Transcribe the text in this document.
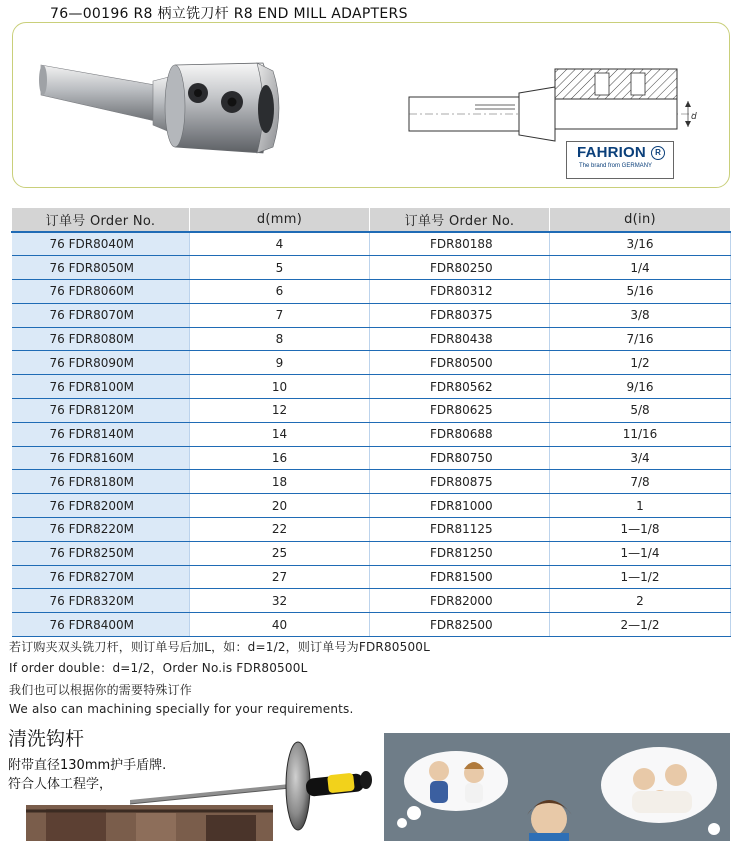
76—00196 R8 柄立铣刀杆 R8 END MILL ADAPTERS
d
FAHRION	R
The brand from GERMANY
订单号 Order No.	d(mm)	订单号 Order No.	d(in)
76 FDR8040M	4	FDR80188	3/16
76 FDR8050M	5	FDR80250	1/4
76 FDR8060M	6	FDR80312	5/16
76 FDR8070M	7	FDR80375	3/8
76 FDR8080M	8	FDR80438	7/16
76 FDR8090M	9	FDR80500	1/2
76 FDR8100M	10	FDR80562	9/16
76 FDR8120M	12	FDR80625	5/8
76 FDR8140M	14	FDR80688	11/16
76 FDR8160M	16	FDR80750	3/4
76 FDR8180M	18	FDR80875	7/8
76 FDR8200M	20	FDR81000	1
76 FDR8220M	22	FDR81125	1—1/8
76 FDR8250M	25	FDR81250	1—1/4
76 FDR8270M	27	FDR81500	1—1/2
76 FDR8320M	32	FDR82000	2
76 FDR8400M	40	FDR82500	2—1/2
若订购夹双头铣刀杆，则订单号后加L，如：d=1/2，则订单号为FDR80500L
If order double：d=1/2，Order No.is FDR80500L
我们也可以根据你的需要特殊订作
We also can machining specially for your requirements.
清洗钩杆
附带直径130mm护手盾牌.
符合人体工程学，
